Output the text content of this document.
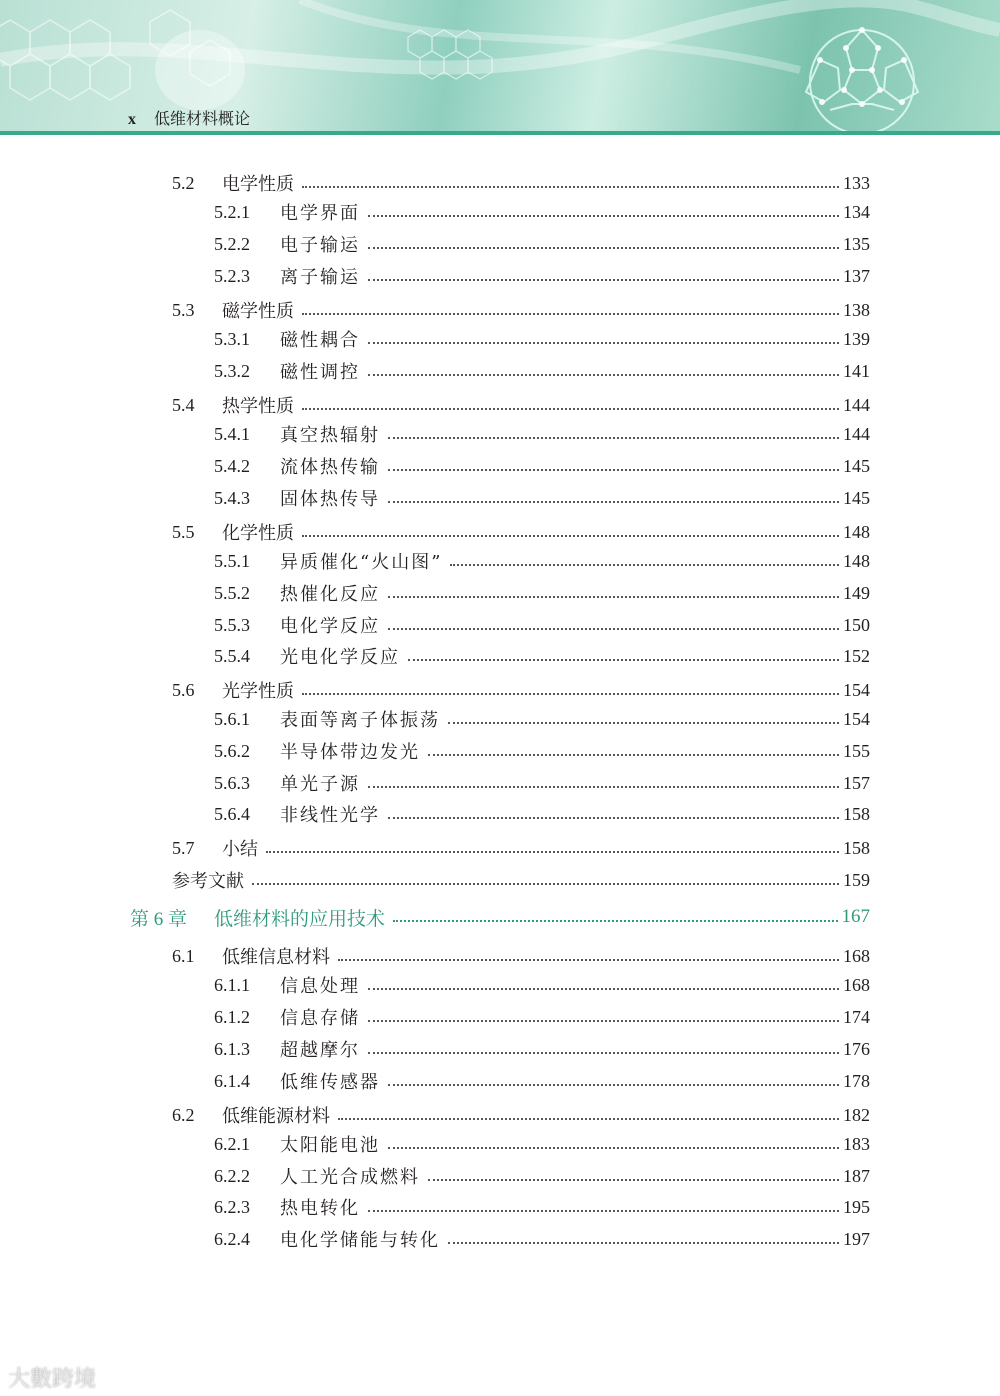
x 低维材料概论
5.2	电学性质	133
5.2.1	电学界面	134
5.2.2	电子输运	135
5.2.3	离子输运	137
5.3	磁学性质	138
5.3.1	磁性耦合	139
5.3.2	磁性调控	141
5.4	热学性质	144
5.4.1	真空热辐射	144
5.4.2	流体热传输	145
5.4.3	固体热传导	145
5.5	化学性质	148
5.5.1	异质催化“火山图”	148
5.5.2	热催化反应	149
5.5.3	电化学反应	150
5.5.4	光电化学反应	152
5.6	光学性质	154
5.6.1	表面等离子体振荡	154
5.6.2	半导体带边发光	155
5.6.3	单光子源	157
5.6.4	非线性光学	158
5.7	小结	158
参考文献	159
第 6 章	低维材料的应用技术	167
6.1	低维信息材料	168
6.1.1	信息处理	168
6.1.2	信息存储	174
6.1.3	超越摩尔	176
6.1.4	低维传感器	178
6.2	低维能源材料	182
6.2.1	太阳能电池	183
6.2.2	人工光合成燃料	187
6.2.3	热电转化	195
6.2.4	电化学储能与转化	197
大數跨境
